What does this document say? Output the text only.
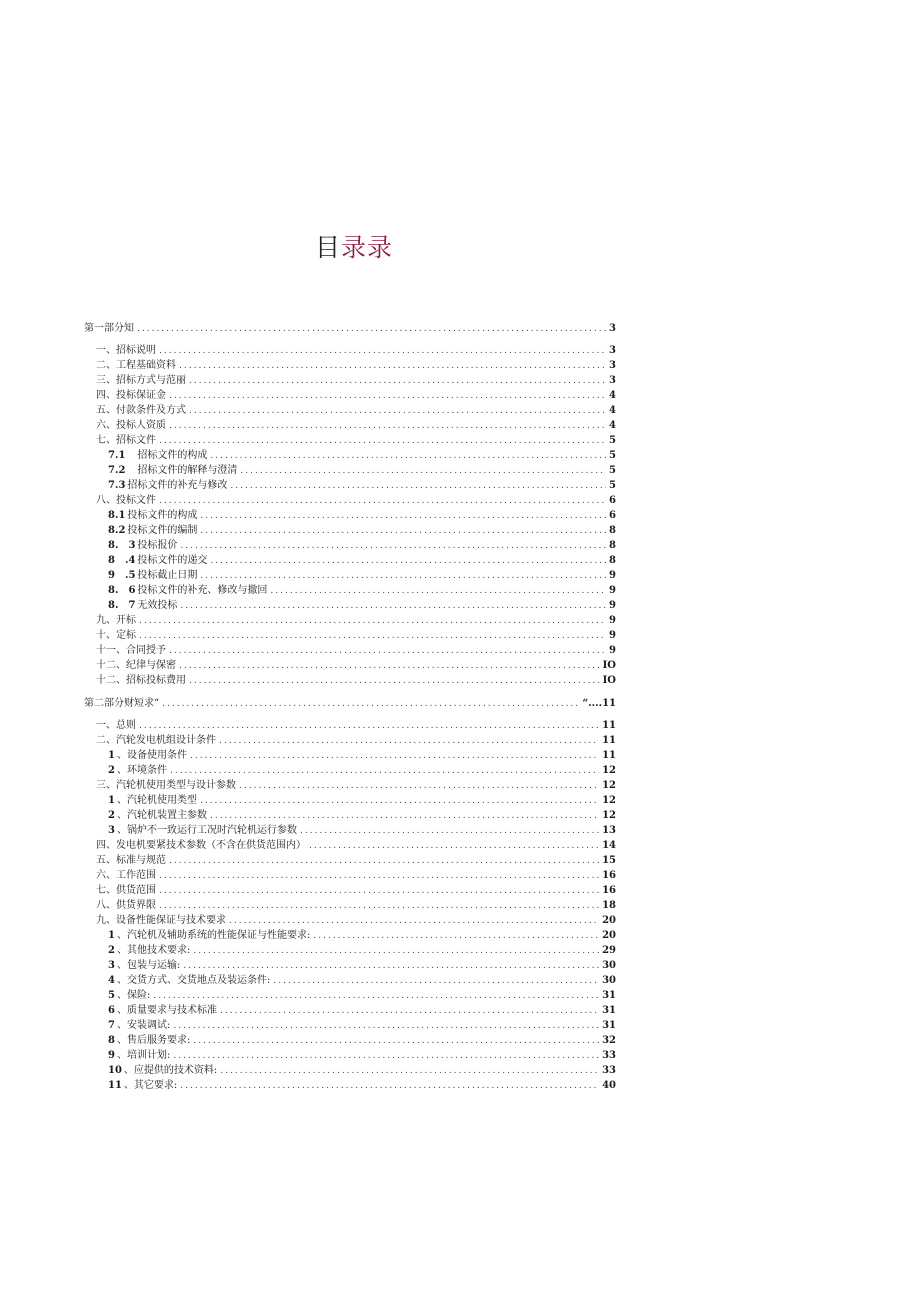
目录录
第一部分知 .....	3
一、招标说明 .....	3
二、工程基础资料 .....	3
三、招标方式与范丽 .....	3
四、投标保证金 .....	4
五、付款条件及方式 .....	4
六、投标人资质 .....	4
七、招标文件 .....	5
7.1　招标文件的构成 .....	5
7.2　招标文件的解释与澄清 .....	5
7.3 招标文件的补充与修改 .....	5
八、投标文件 .....	6
8.1 投标文件的构成 .....	6
8.2 投标文件的编制 .....	8
8.　3 投标报价 .....	8
8　.4 投标文件的递交 .....	8
9　.5 投标截止日期 .....	9
8.　6 投标文件的补充、修改与撤回 .....	9
8.　7 无效投标 .....	9
九、开标 .....	9
十、定标 .....	9
十一、合同授予 .....	9
十二、纪律与保密 .....	IO
十二、招标投标费用 .....	IO
第二部分财短求“ .....	“....11
一、总则 .....	11
二、汽轮发电机组设计条件 .....	11
1 、设备使用条件 .....	11
2 、环境条件 .....	12
三、汽轮机使用类型与设计参数 .....	12
1 、汽轮机使用类型 .....	12
2 、汽轮机装置主参数 .....	12
3 、锅炉不一致运行工况时汽轮机运行参数 .....	13
四、发电机要紧技术参数（不含在供货范围内） .....	14
五、标准与规范 .....	15
六、工作范围 .....	16
七、供货范围 .....	16
八、供货界限 .....	18
九、设备性能保证与技术要求 .....	20
1 、汽轮机及辅助系统的性能保证与性能要求: .....	20
2 、其他技术要求: .....	29
3 、包装与运输: .....	30
4 、交货方式、交货地点及装运条件: .....	30
5 、保险: .....	31
6 、质量要求与技术标准 .....	31
7 、安装调试: .....	31
8 、售后服务要求: .....	32
9 、培训计划: .....	33
10 、应提供的技术资料: .....	33
11 、其它要求: .....	40
